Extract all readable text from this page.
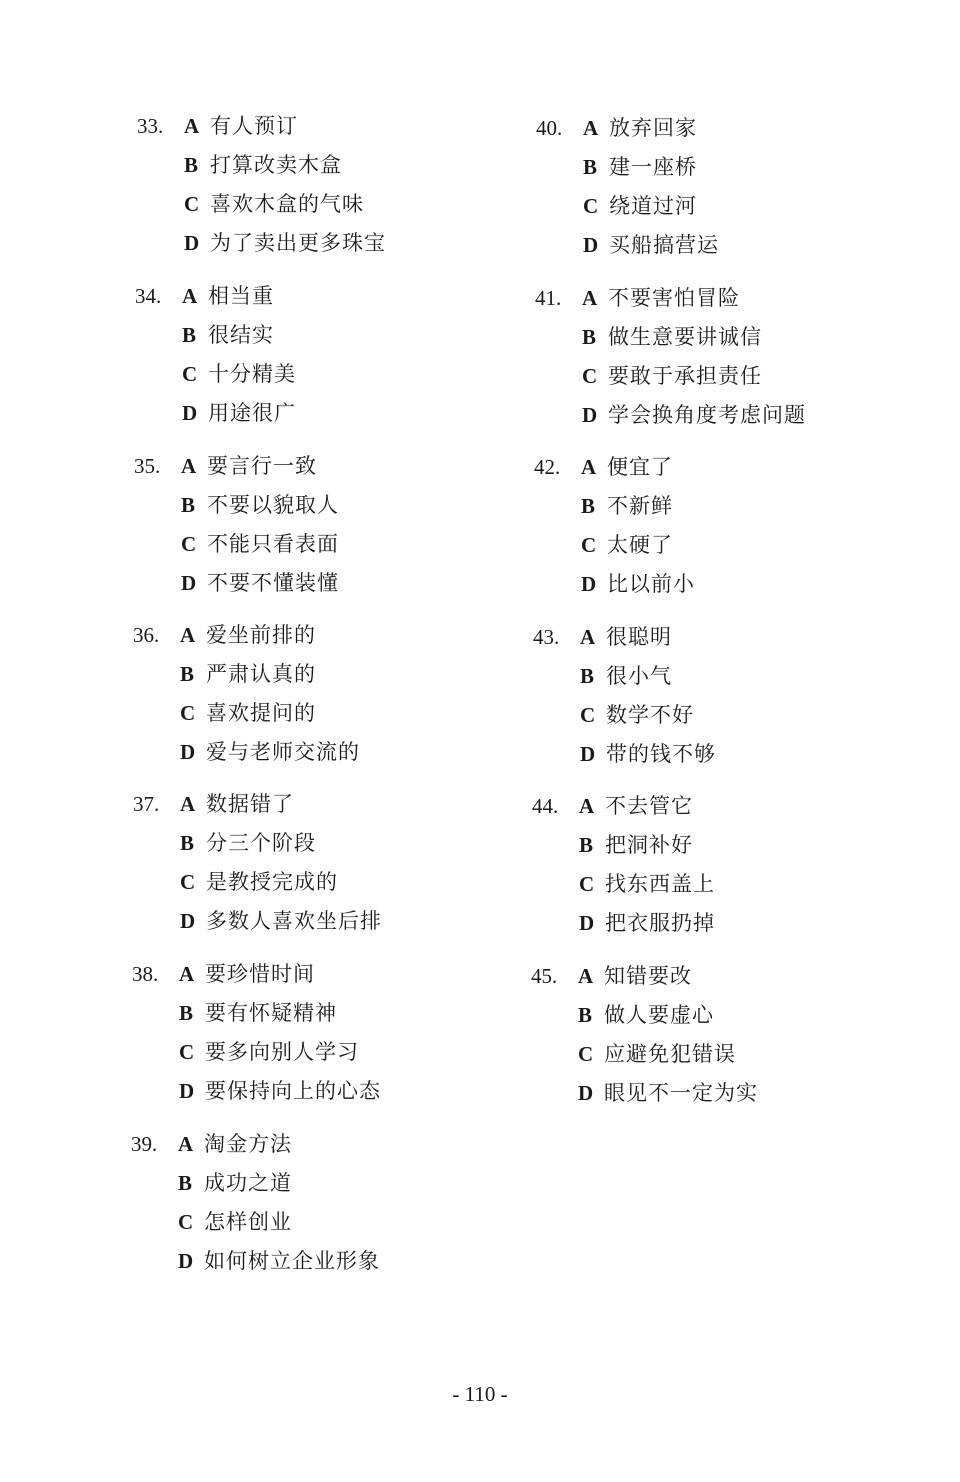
33. A 有人预订
B 打算改卖木盒
C 喜欢木盒的气味
D 为了卖出更多珠宝
34. A 相当重
B 很结实
C 十分精美
D 用途很广
35. A 要言行一致
B 不要以貌取人
C 不能只看表面
D 不要不懂装懂
36. A 爱坐前排的
B 严肃认真的
C 喜欢提问的
D 爱与老师交流的
37. A 数据错了
B 分三个阶段
C 是教授完成的
D 多数人喜欢坐后排
38. A 要珍惜时间
B 要有怀疑精神
C 要多向别人学习
D 要保持向上的心态
39. A 淘金方法
B 成功之道
C 怎样创业
D 如何树立企业形象
40. A 放弃回家
B 建一座桥
C 绕道过河
D 买船搞营运
41. A 不要害怕冒险
B 做生意要讲诚信
C 要敢于承担责任
D 学会换角度考虑问题
42. A 便宜了
B 不新鲜
C 太硬了
D 比以前小
43. A 很聪明
B 很小气
C 数学不好
D 带的钱不够
44. A 不去管它
B 把洞补好
C 找东西盖上
D 把衣服扔掉
45. A 知错要改
B 做人要虚心
C 应避免犯错误
D 眼见不一定为实
- 110 -
